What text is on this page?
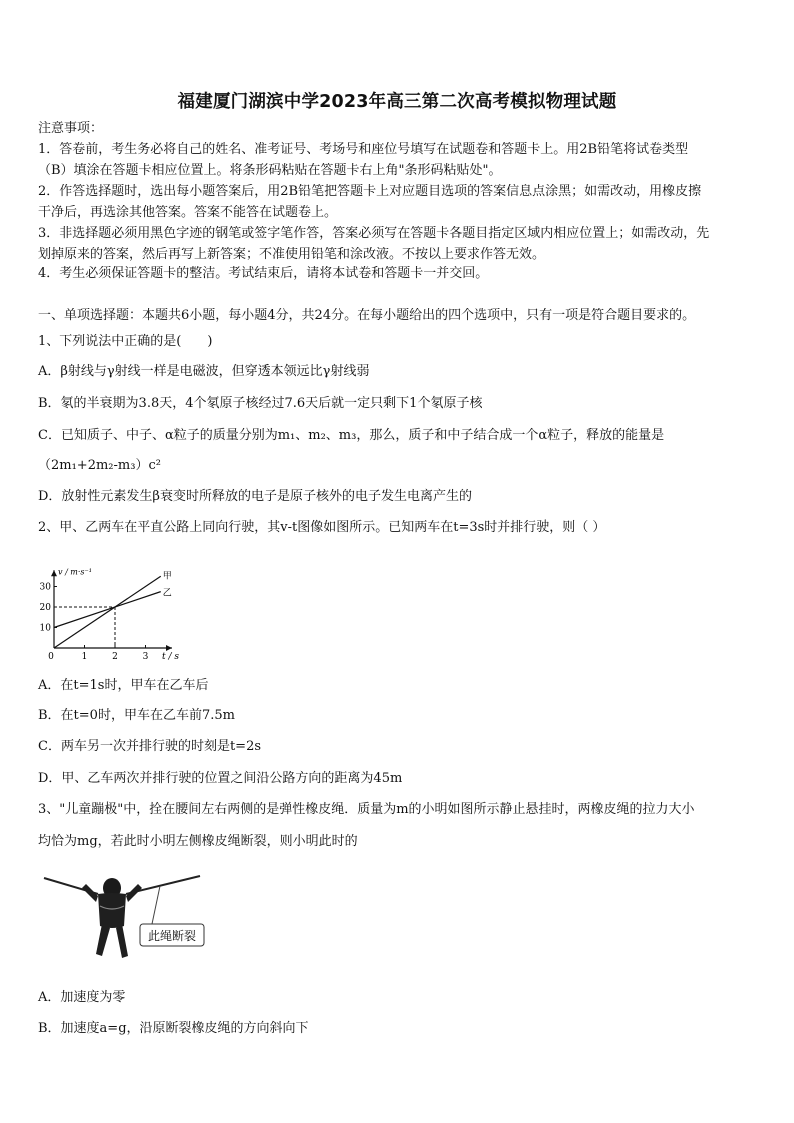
福建厦门湖滨中学2023年高三第二次高考模拟物理试题
注意事项：
1．答卷前，考生务必将自己的姓名、准考证号、考场号和座位号填写在试题卷和答题卡上。用2B铅笔将试卷类型
（B）填涂在答题卡相应位置上。将条形码粘贴在答题卡右上角"条形码粘贴处"。
2．作答选择题时，选出每小题答案后，用2B铅笔把答题卡上对应题目选项的答案信息点涂黑；如需改动，用橡皮擦
干净后，再选涂其他答案。答案不能答在试题卷上。
3．非选择题必须用黑色字迹的钢笔或签字笔作答，答案必须写在答题卡各题目指定区域内相应位置上；如需改动，先
划掉原来的答案，然后再写上新答案；不准使用铅笔和涂改液。不按以上要求作答无效。
4．考生必须保证答题卡的整洁。考试结束后，请将本试卷和答题卡一并交回。
一、单项选择题：本题共6小题，每小题4分，共24分。在每小题给出的四个选项中，只有一项是符合题目要求的。
1、下列说法中正确的是(　　)
A．β射线与γ射线一样是电磁波，但穿透本领远比γ射线弱
B．氡的半衰期为3.8天，4个氡原子核经过7.6天后就一定只剩下1个氡原子核
C．已知质子、中子、α粒子的质量分别为m₁、m₂、m₃，那么，质子和中子结合成一个α粒子，释放的能量是
（2m₁+2m₂-m₃）c²
D．放射性元素发生β衰变时所释放的电子是原子核外的电子发生电离产生的
2、甲、乙两车在平直公路上同向行驶，其v-t图像如图所示。已知两车在t=3s时并排行驶，则（ ）
0	1	2	3
10
20
30
t / s
v / m·s⁻¹	甲
乙
A．在t=1s时，甲车在乙车后
B．在t=0时，甲车在乙车前7.5m
C．两车另一次并排行驶的时刻是t=2s
D．甲、乙车两次并排行驶的位置之间沿公路方向的距离为45m
3、"儿童蹦极"中，拴在腰间左右两侧的是弹性橡皮绳．质量为m的小明如图所示静止悬挂时，两橡皮绳的拉力大小
均恰为mg，若此时小明左侧橡皮绳断裂，则小明此时的
此绳断裂
A．加速度为零
B．加速度a=g，沿原断裂橡皮绳的方向斜向下
